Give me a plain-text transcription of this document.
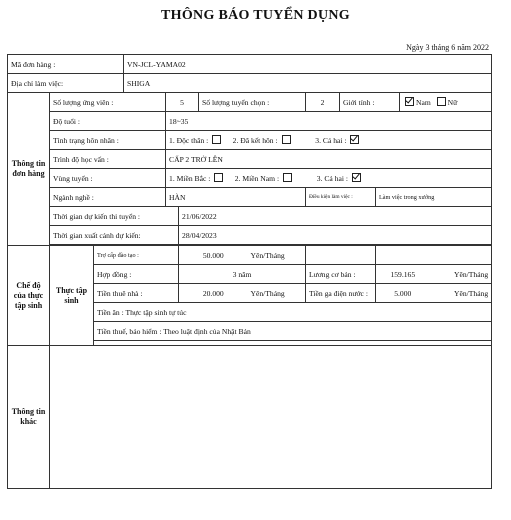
THÔNG BÁO TUYỂN DỤNG
Ngày 3 tháng 6 năm 2022
Mã đơn hàng :			VN-JCL-YAMA02									
Địa chỉ làm việc:			SHIGA									
Thông tin đơn hàng	Số lượng ứng viên :			5		Số lượng tuyển chọn :		2	Giới tính :		Nam Nữ	
	Độ tuổi :			18~35								
	Tình trạng hôn nhân :			1. Độc thân : 2. Đã kết hôn : 3. Cả hai :								
	Trình độ học vấn :			CẤP 2 TRỞ LÊN								
	Vùng tuyển :			1. Miền Bắc : 2. Miền Nam : 3. Cả hai :								
	Ngành nghề :			HÀN				Điều kiện làm việc :		Làm việc trong xưởng		
	Thời gian dự kiến thi tuyển :				21/06/2022							
	Thời gian xuất cảnh dự kiến:				28/04/2023							

Chế độ của thực tập sinh	Thực tập sinh	Trợ cấp đào tạo :			50.000		Yên/Tháng					
		Hợp đồng :			3 năm			Lương cơ bản :		159.165		Yên/Tháng
		Tiền thuê nhà :			20.000		Yên/Tháng	Tiền ga điện nước :		5.000		Yên/Tháng
		Tiền ăn : Thực tập sinh tự túc										
		Tiền thuế, bảo hiểm : Theo luật định của Nhật Bản										

Thông tin khác												
